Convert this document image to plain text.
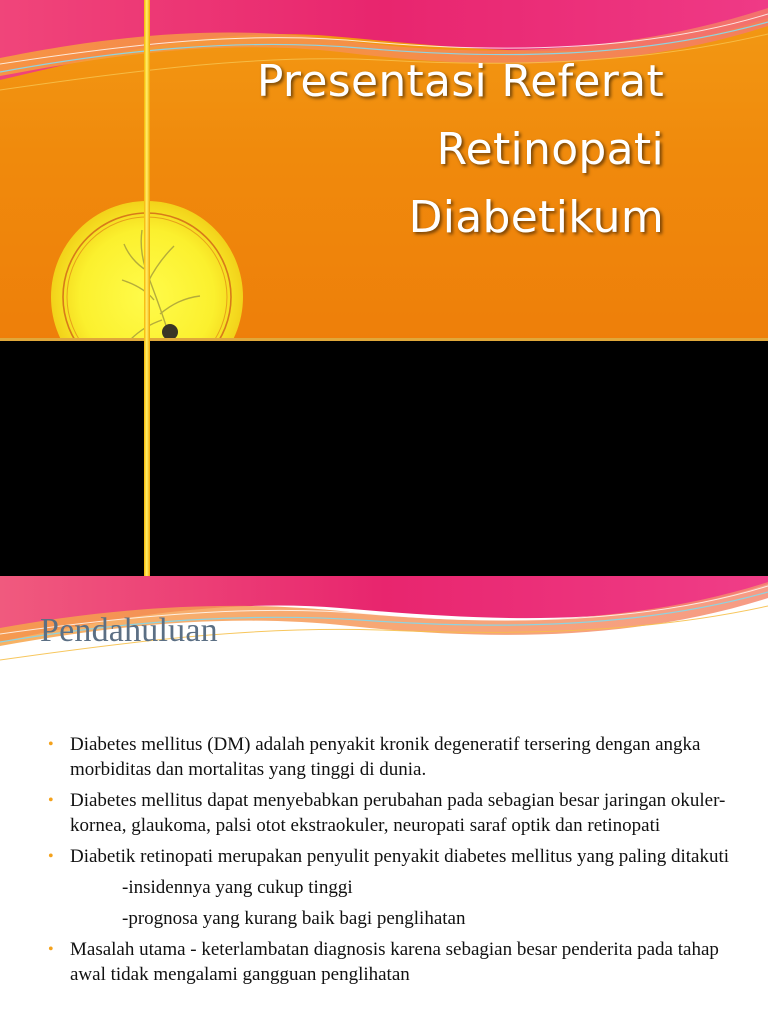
Presentasi Referat
Retinopati
Diabetikum
Pendahuluan
• Diabetes mellitus (DM) adalah penyakit kronik degeneratif tersering dengan angka morbiditas dan mortalitas yang tinggi di dunia.
• Diabetes mellitus dapat menyebabkan perubahan pada sebagian besar jaringan okuler- kornea, glaukoma, palsi otot ekstraokuler, neuropati saraf optik dan retinopati
• Diabetik retinopati merupakan penyulit penyakit diabetes mellitus yang paling ditakuti
-insidennya yang cukup tinggi
-prognosa yang kurang baik bagi penglihatan
• Masalah utama - keterlambatan diagnosis karena sebagian besar penderita pada tahap awal tidak mengalami gangguan penglihatan
